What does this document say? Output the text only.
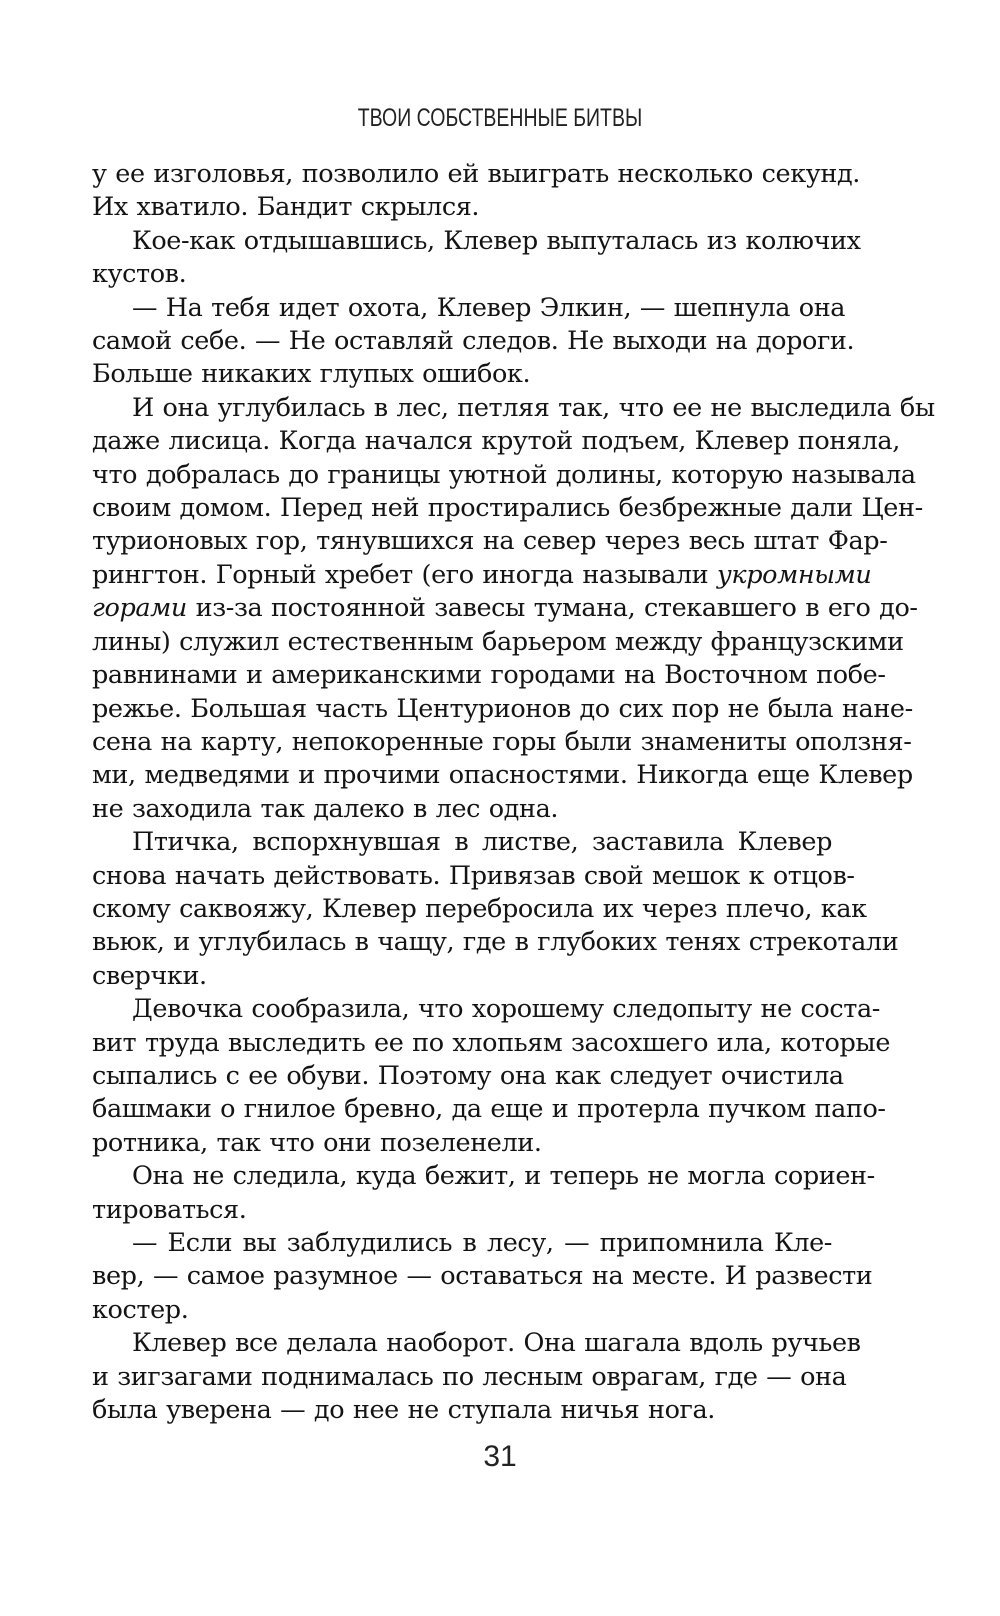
ТВОИ СОБСТВЕННЫЕ БИТВЫ
у ее изголовья, позволило ей выиграть несколько секунд.
Их хватило. Бандит скрылся.
Кое-как отдышавшись, Клевер выпуталась из колючих
кустов.
— На тебя идет охота, Клевер Элкин, — шепнула она
самой себе. — Не оставляй следов. Не выходи на дороги.
Больше никаких глупых ошибок.
И она углубилась в лес, петляя так, что ее не выследила бы
даже лисица. Когда начался крутой подъем, Клевер поняла,
что добралась до границы уютной долины, которую называла
своим домом. Перед ней простирались безбрежные дали Цен-
турионовых гор, тянувшихся на север через весь штат Фар-
рингтон. Горный хребет (его иногда называли укромными
горами из-за постоянной завесы тумана, стекавшего в его до-
лины) служил естественным барьером между французскими
равнинами и американскими городами на Восточном побе-
режье. Большая часть Центурионов до сих пор не была нане-
сена на карту, непокоренные горы были знамениты оползня-
ми, медведями и прочими опасностями. Никогда еще Клевер
не заходила так далеко в лес одна.
Птичка, вспорхнувшая в листве, заставила Клевер
снова начать действовать. Привязав свой мешок к отцов-
скому саквояжу, Клевер перебросила их через плечо, как
вьюк, и углубилась в чащу, где в глубоких тенях стрекотали
сверчки.
Девочка сообразила, что хорошему следопыту не соста-
вит труда выследить ее по хлопьям засохшего ила, которые
сыпались с ее обуви. Поэтому она как следует очистила
башмаки о гнилое бревно, да еще и протерла пучком папо-
ротника, так что они позеленели.
Она не следила, куда бежит, и теперь не могла сориен-
тироваться.
— Если вы заблудились в лесу, — припомнила Кле-
вер, — самое разумное — оставаться на месте. И развести
костер.
Клевер все делала наоборот. Она шагала вдоль ручьев
и зигзагами поднималась по лесным оврагам, где — она
была уверена — до нее не ступала ничья нога.
31
